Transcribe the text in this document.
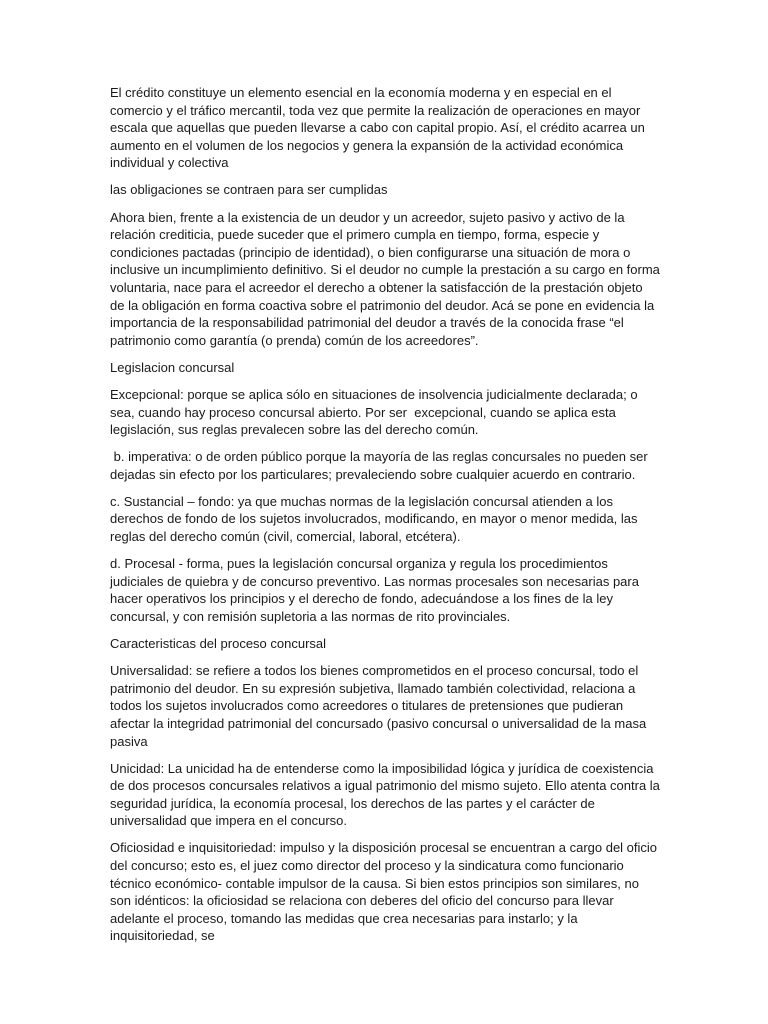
El crédito constituye un elemento esencial en la economía moderna y en especial en el comercio y el tráfico mercantil, toda vez que permite la realización de operaciones en mayor escala que aquellas que pueden llevarse a cabo con capital propio. Así, el crédito acarrea un aumento en el volumen de los negocios y genera la expansión de la actividad económica individual y colectiva

las obligaciones se contraen para ser cumplidas

Ahora bien, frente a la existencia de un deudor y un acreedor, sujeto pasivo y activo de la relación crediticia, puede suceder que el primero cumpla en tiempo, forma, especie y condiciones pactadas (principio de identidad), o bien configurarse una situación de mora o inclusive un incumplimiento definitivo. Si el deudor no cumple la prestación a su cargo en forma voluntaria, nace para el acreedor el derecho a obtener la satisfacción de la prestación objeto de la obligación en forma coactiva sobre el patrimonio del deudor. Acá se pone en evidencia la importancia de la responsabilidad patrimonial del deudor a través de la conocida frase “el patrimonio como garantía (o prenda) común de los acreedores”.

Legislacion concursal

Excepcional: porque se aplica sólo en situaciones de insolvencia judicialmente declarada; o sea, cuando hay proceso concursal abierto. Por ser  excepcional, cuando se aplica esta legislación, sus reglas prevalecen sobre las del derecho común.

b. imperativa: o de orden público porque la mayoría de las reglas concursales no pueden ser dejadas sin efecto por los particulares; prevaleciendo sobre cualquier acuerdo en contrario.

c. Sustancial – fondo: ya que muchas normas de la legislación concursal atienden a los derechos de fondo de los sujetos involucrados, modificando, en mayor o menor medida, las reglas del derecho común (civil, comercial, laboral, etcétera).

d. Procesal - forma, pues la legislación concursal organiza y regula los procedimientos judiciales de quiebra y de concurso preventivo. Las normas procesales son necesarias para hacer operativos los principios y el derecho de fondo, adecuándose a los fines de la ley concursal, y con remisión supletoria a las normas de rito provinciales.

Caracteristicas del proceso concursal

Universalidad: se refiere a todos los bienes comprometidos en el proceso concursal, todo el patrimonio del deudor. En su expresión subjetiva, llamado también colectividad, relaciona a todos los sujetos involucrados como acreedores o titulares de pretensiones que pudieran afectar la integridad patrimonial del concursado (pasivo concursal o universalidad de la masa pasiva

Unicidad: La unicidad ha de entenderse como la imposibilidad lógica y jurídica de coexistencia de dos procesos concursales relativos a igual patrimonio del mismo sujeto. Ello atenta contra la seguridad jurídica, la economía procesal, los derechos de las partes y el carácter de universalidad que impera en el concurso.

Oficiosidad e inquisitoriedad: impulso y la disposición procesal se encuentran a cargo del oficio del concurso; esto es, el juez como director del proceso y la sindicatura como funcionario técnico económico- contable impulsor de la causa. Si bien estos principios son similares, no son idénticos: la oficiosidad se relaciona con deberes del oficio del concurso para llevar adelante el proceso, tomando las medidas que crea necesarias para instarlo; y la inquisitoriedad, se
